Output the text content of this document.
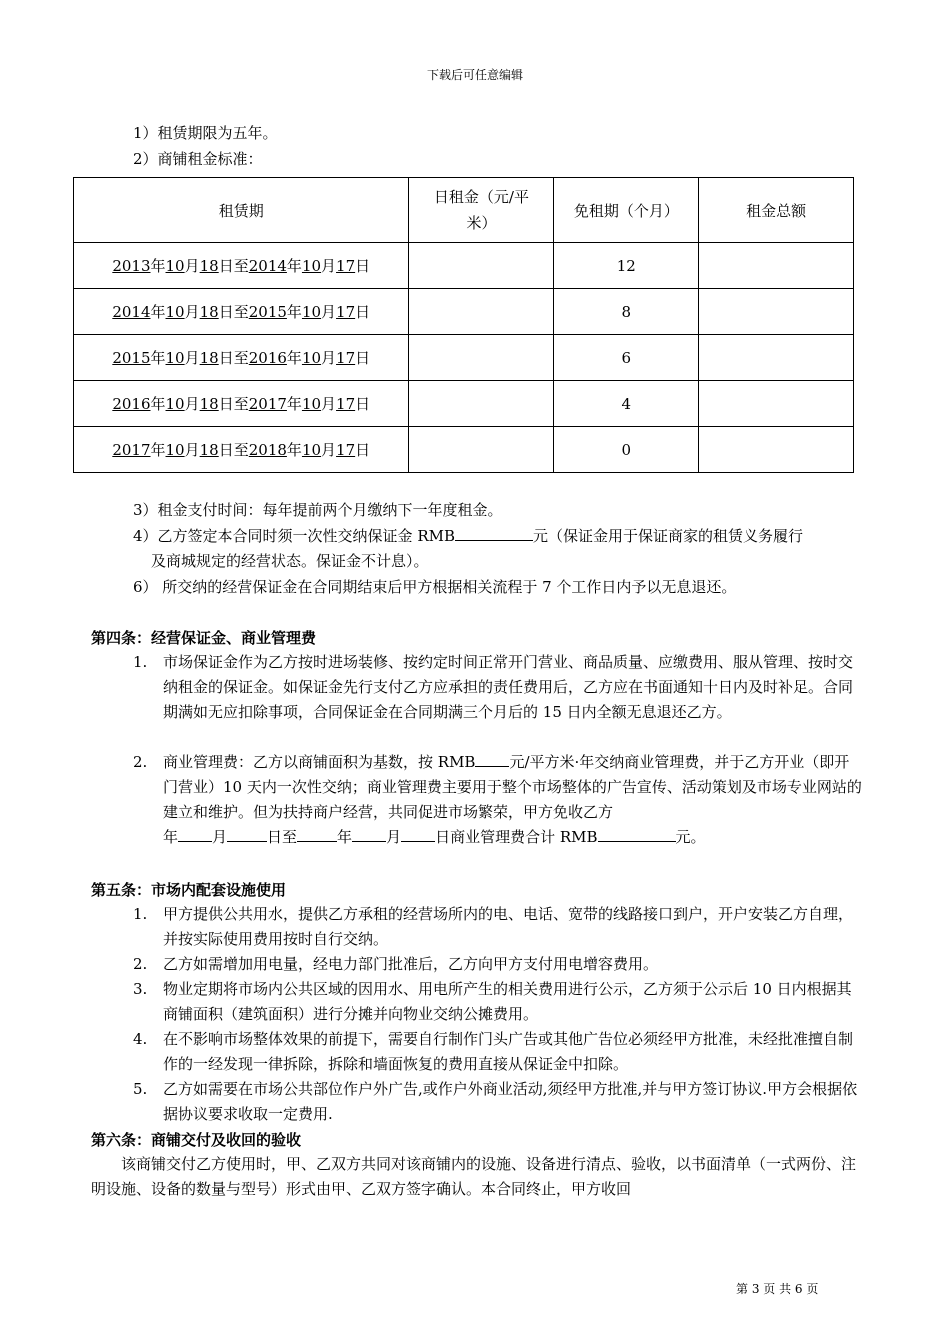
下载后可任意编辑
1）租赁期限为五年。
2）商铺租金标准：
租赁期	日租金（元/平米）	免租期（个月）	租金总额
2013年10月18日至2014年10月17日		12	
2014年10月18日至2015年10月17日		8	
2015年10月18日至2016年10月17日		6	
2016年10月18日至2017年10月17日		4	
2017年10月18日至2018年10月17日		0	
3）租金支付时间：每年提前两个月缴纳下一年度租金。
4）乙方签定本合同时须一次性交纳保证金 RMB	元（保证金用于保证商家的租赁义务履行
及商城规定的经营状态。保证金不计息）。
6） 所交纳的经营保证金在合同期结束后甲方根据相关流程于 7 个工作日内予以无息退还。
第四条：经营保证金、商业管理费
1. 市场保证金作为乙方按时进场装修、按约定时间正常开门营业、商品质量、应缴费用、服从管理、按时交纳租金的保证金。如保证金先行支付乙方应承担的责任费用后，乙方应在书面通知十日内及时补足。合同期满如无应扣除事项，合同保证金在合同期满三个月后的 15 日内全额无息退还乙方。
2. 商业管理费：乙方以商铺面积为基数，按 RMB 元/平方米·年交纳商业管理费，并于乙方开业（即开门营业）10 天内一次性交纳；商业管理费主要用于整个市场整体的广告宣传、活动策划及市场专业网站的建立和维护。但为扶持商户经营，共同促进市场繁荣，甲方免收乙方
年 月	日至	年 月 日商业管理费合计 RMB	元。
第五条：市场内配套设施使用
1. 甲方提供公共用水，提供乙方承租的经营场所内的电、电话、宽带的线路接口到户，开户安装乙方自理，并按实际使用费用按时自行交纳。
2. 乙方如需增加用电量，经电力部门批准后，乙方向甲方支付用电增容费用。
3. 物业定期将市场内公共区域的因用水、用电所产生的相关费用进行公示，乙方须于公示后 10 日内根据其商铺面积（建筑面积）进行分摊并向物业交纳公摊费用。
4. 在不影响市场整体效果的前提下，需要自行制作门头广告或其他广告位必须经甲方批准，未经批准擅自制作的一经发现一律拆除，拆除和墙面恢复的费用直接从保证金中扣除。
5. 乙方如需要在市场公共部位作户外广告,或作户外商业活动,须经甲方批准,并与甲方签订协议.甲方会根据依据协议要求收取一定费用.
第六条：商铺交付及收回的验收
该商铺交付乙方使用时，甲、乙双方共同对该商铺内的设施、设备进行清点、验收，以书面清单（一式两份、注明设施、设备的数量与型号）形式由甲、乙双方签字确认。本合同终止，甲方收回
第 3 页 共 6 页
